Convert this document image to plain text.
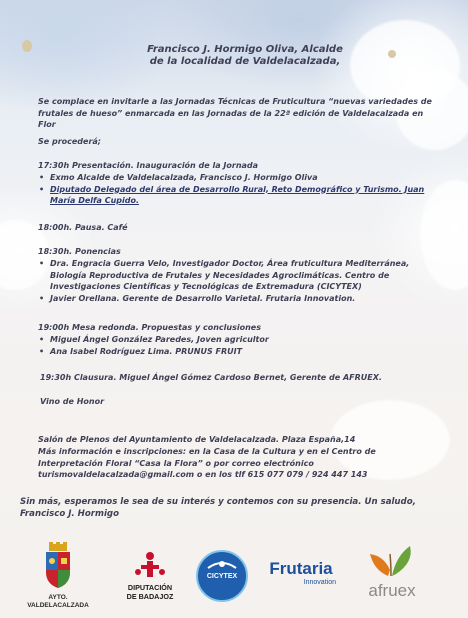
Francisco J. Hormigo Oliva, Alcalde
de la localidad de Valdelacalzada,
Se complace en invitarle a las Jornadas Técnicas de Fruticultura “nuevas variedades de frutales de hueso” enmarcada en las Jornadas de la 22ª edición de Valdelacalzada en Flor
Se procederá;
17:30h Presentación. Inauguración de la Jornada
• Exmo Alcalde de Valdelacalzada, Francisco J. Hormigo Oliva
• Diputado Delegado del área de Desarrollo Rural, Reto Demográfico y Turismo. Juan María Delfa Cupido.
18:00h. Pausa. Café
18:30h. Ponencias
• Dra. Engracia Guerra Velo, Investigador Doctor, Área fruticultura Mediterránea, Biología Reproductiva de Frutales y Necesidades Agroclimáticas. Centro de Investigaciones Científicas y Tecnológicas de Extremadura (CICYTEX)
• Javier Orellana. Gerente de Desarrollo Varietal. Frutaria Innovation.
19:00h Mesa redonda. Propuestas y conclusiones
• Miguel Ángel González Paredes, Joven agricultor
• Ana Isabel Rodríguez Lima. PRUNUS FRUIT
19:30h Clausura. Miguel Ángel Gómez Cardoso Bernet, Gerente de AFRUEX.
Vino de Honor
Salón de Plenos del Ayuntamiento de Valdelacalzada. Plaza España,14
Más información e inscripciones: en la Casa de la Cultura y en el Centro de Interpretación Floral “Casa la Flora” o por correo electrónico turismovaldelacalzada@gmail.com o en los tlf 615 077 079 / 924 447 143
Sin más, esperamos le sea de su interés y contemos con su presencia. Un saludo, Francisco J. Hormigo
AYTO.
VALDELACALZADA
DIPUTACIÓN
DE BADAJOZ
CICYTEX	Frutaria
Innovation	afruex
